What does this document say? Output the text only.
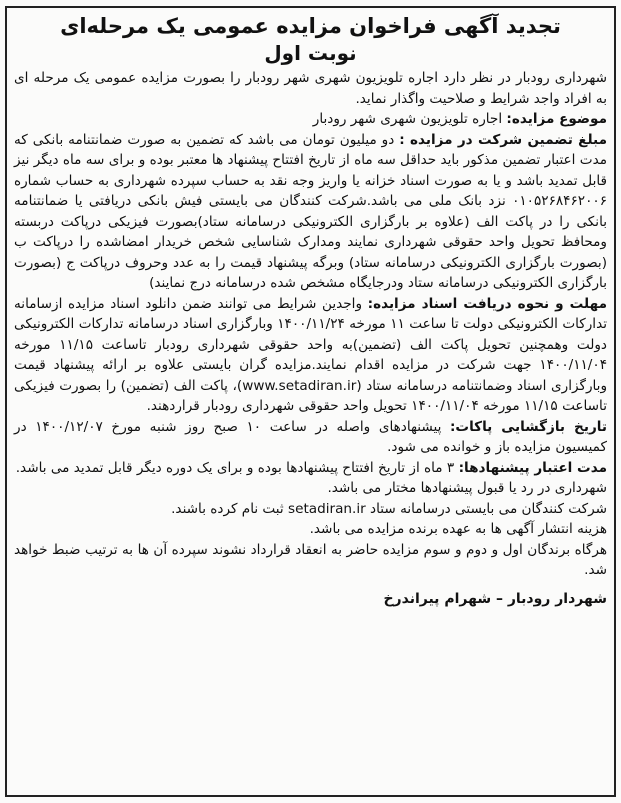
تجدید آگهی فراخوان مزایده عمومی یک مرحله‌ای
نوبت اول

شهرداری رودبار در نظر دارد اجاره تلویزیون شهری شهر رودبار را بصورت مزایده عمومی یک مرحله ای به افراد واجد شرایط و صلاحیت واگذار نماید.

موضوع مزایده: اجاره تلویزیون شهری شهر رودبار

مبلغ تضمین شرکت در مزایده : دو میلیون تومان می باشد که تضمین به صورت ضمانتنامه بانکی که مدت اعتبار تضمین مذکور باید حداقل سه ماه از تاریخ افتتاح پیشنهاد ها معتبر بوده و برای سه ماه دیگر نیز قابل تمدید باشد و یا به صورت اسناد خزانه یا واریز وجه نقد به حساب سپرده شهرداری به حساب شماره ۰۱۰۵۲۶۸۴۶۲۰۰۶ نزد بانک ملی می باشد.شرکت کنندگان می بایستی فیش بانکی دریافتی یا ضمانتنامه بانکی را در پاکت الف (علاوه بر بارگزاری الکترونیکی درسامانه ستاد)بصورت فیزیکی درپاکت دربسته ومحافظ تحویل واحد حقوقی شهرداری نمایند ومدارک شناسایی شخص خریدار امضاشده را درپاکت ب (بصورت بارگزاری الکترونیکی درسامانه ستاد) وبرگه پیشنهاد قیمت را به عدد وحروف درپاکت ج (بصورت بارگزاری الکترونیکی درسامانه ستاد ودرجایگاه مشخص شده درسامانه درج نمایند)

مهلت و نحوه دریافت اسناد مزایده: واجدین شرایط می توانند ضمن دانلود اسناد مزایده ازسامانه تدارکات الکترونیکی دولت تا ساعت ۱۱ مورخه ۱۴۰۰/۱۱/۲۴ وبارگزاری اسناد درسامانه تدارکات الکترونیکی دولت وهمچنین تحویل پاکت الف (تضمین)به واحد حقوقی شهرداری رودبار تاساعت ۱۱/۱۵ مورخه ۱۴۰۰/۱۱/۰۴ جهت شرکت در مزایده اقدام نمایند.مزایده گران بایستی علاوه بر ارائه پیشنهاد قیمت وبارگزاری اسناد وضمانتنامه درسامانه ستاد (www.setadiran.ir)، پاکت الف (تضمین) را بصورت فیزیکی تاساعت ۱۱/۱۵ مورخه ۱۴۰۰/۱۱/۰۴ تحویل واحد حقوقی شهرداری رودبار قراردهند.

تاریخ بازگشایی پاکات: پیشنهادهای واصله در ساعت ۱۰ صبح روز شنبه مورخ ۱۴۰۰/۱۲/۰۷ در کمیسیون مزایده باز و خوانده می شود.

مدت اعتبار پیشنهادها: ۳ ماه از تاریخ افتتاح پیشنهادها بوده و برای یک دوره دیگر قابل تمدید می باشد.

شهرداری در رد یا قبول پیشنهادها مختار می باشد.

شرکت کنندگان می بایستی درسامانه ستاد setadiran.ir ثبت نام کرده باشند.

هزینه انتشار آگهی ها به عهده برنده مزایده می باشد.

هرگاه برندگان اول و دوم و سوم مزایده حاضر به انعقاد قرارداد نشوند سپرده آن ها به ترتیب ضبط خواهد شد.

شهردار رودبار – شهرام پیراندرخ
